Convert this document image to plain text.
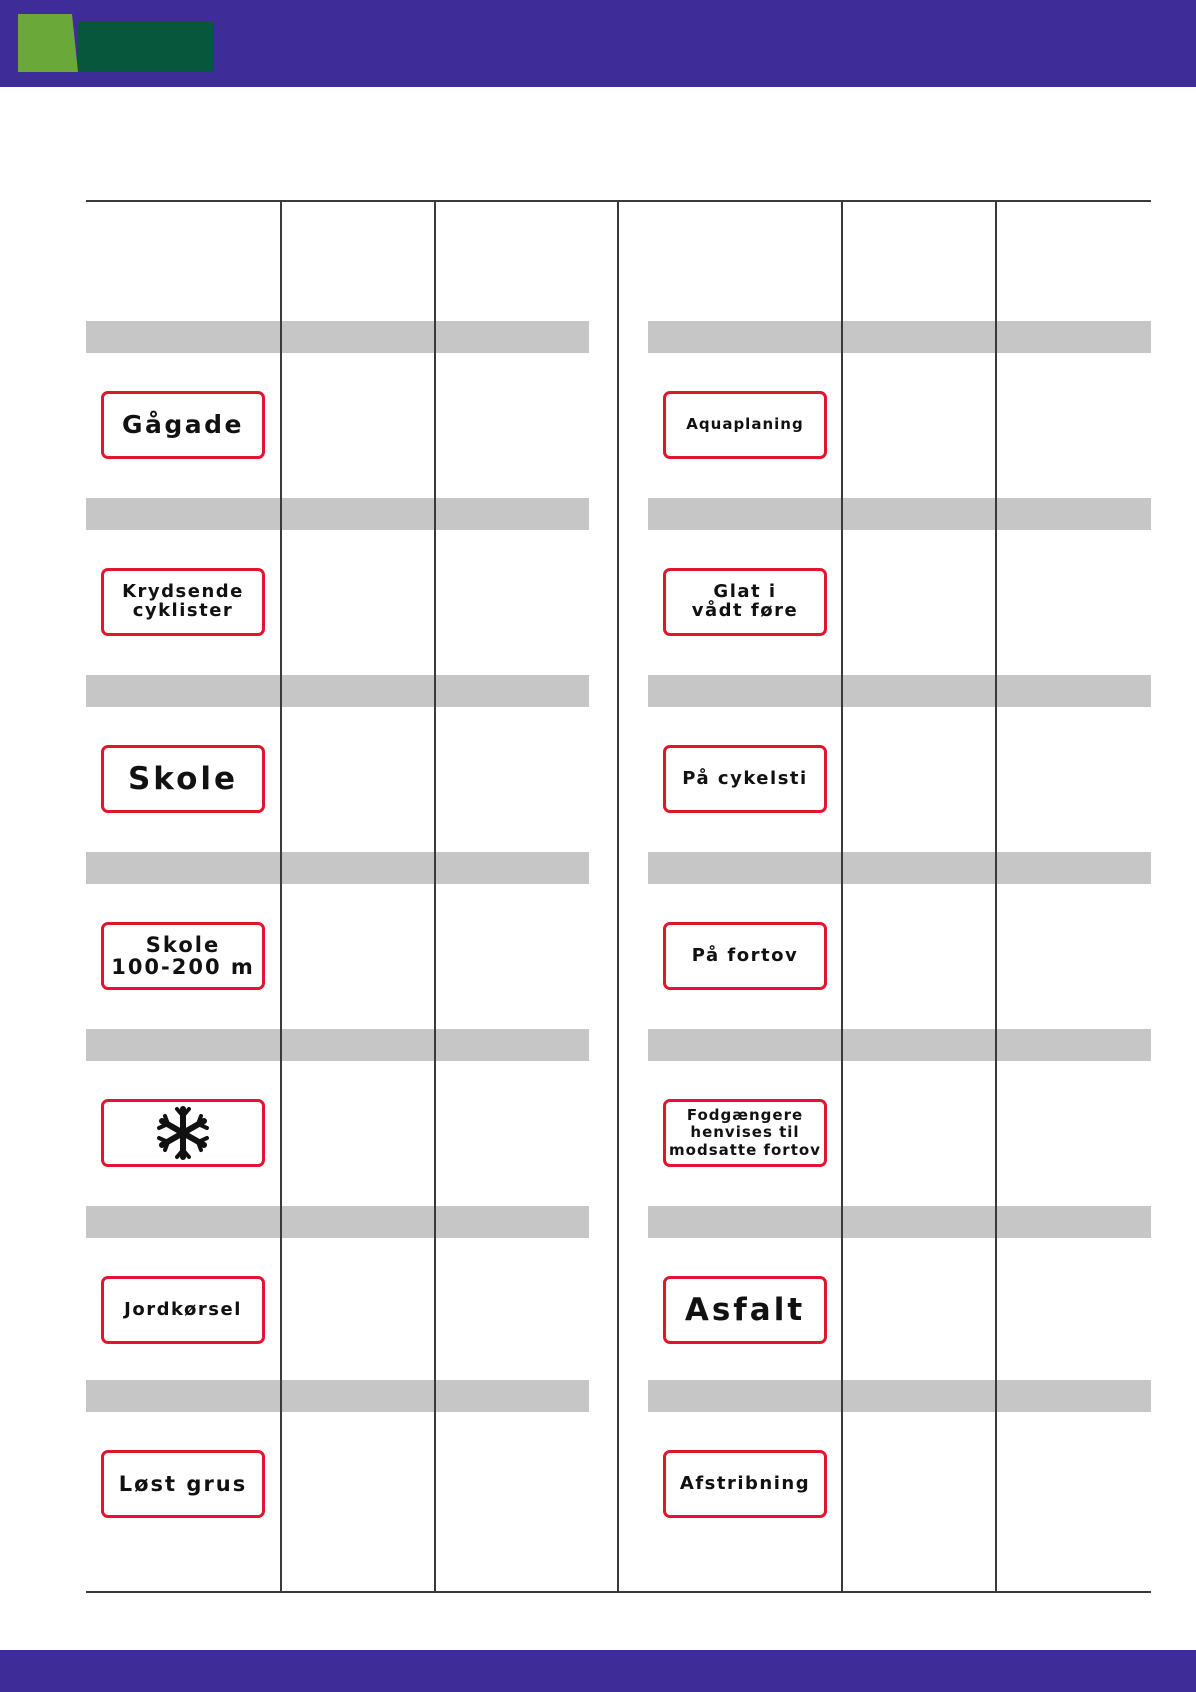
Gågade
Krydsende
cyklister
Skole
Skole
100-200 m
Jordkørsel
Løst grus
Aquaplaning
Glat i
vådt føre
På cykelsti
På fortov
Fodgængere
henvises til
modsatte fortov
Asfalt
Afstribning
